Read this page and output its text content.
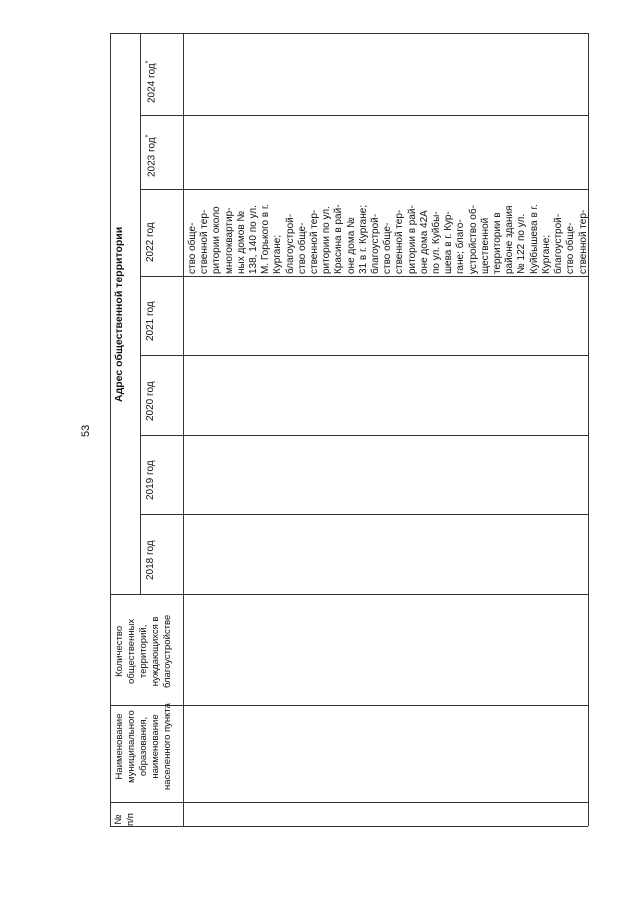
53
№ п/п
Наименование муниципального образования, наименование населенного пункта
Количество общественных территорий, нуждающихся в благоустройстве
Адрес общественной территории
2018 год
2019 год
2020 год
2021 год
2022 год
2023 год*
2024 год*
ство обще- ственной тер- ритории около многоквартир- ных домов № 138, 140 по ул. М. Горького в г. Кургане; благоустрой- ство обще- ственной тер- ритории по ул. Красина в рай- оне дома № 31 в г. Кургане; благоустрой- ство обще- ственной тер- ритории в рай- оне дома 42А по ул. Куйбы- шева в г. Кур- гане; благо- устройство об- щественной территории в районе здания № 122 по ул. Куйбышева в г. Кургане; благоустрой- ство обще- ственной тер-
